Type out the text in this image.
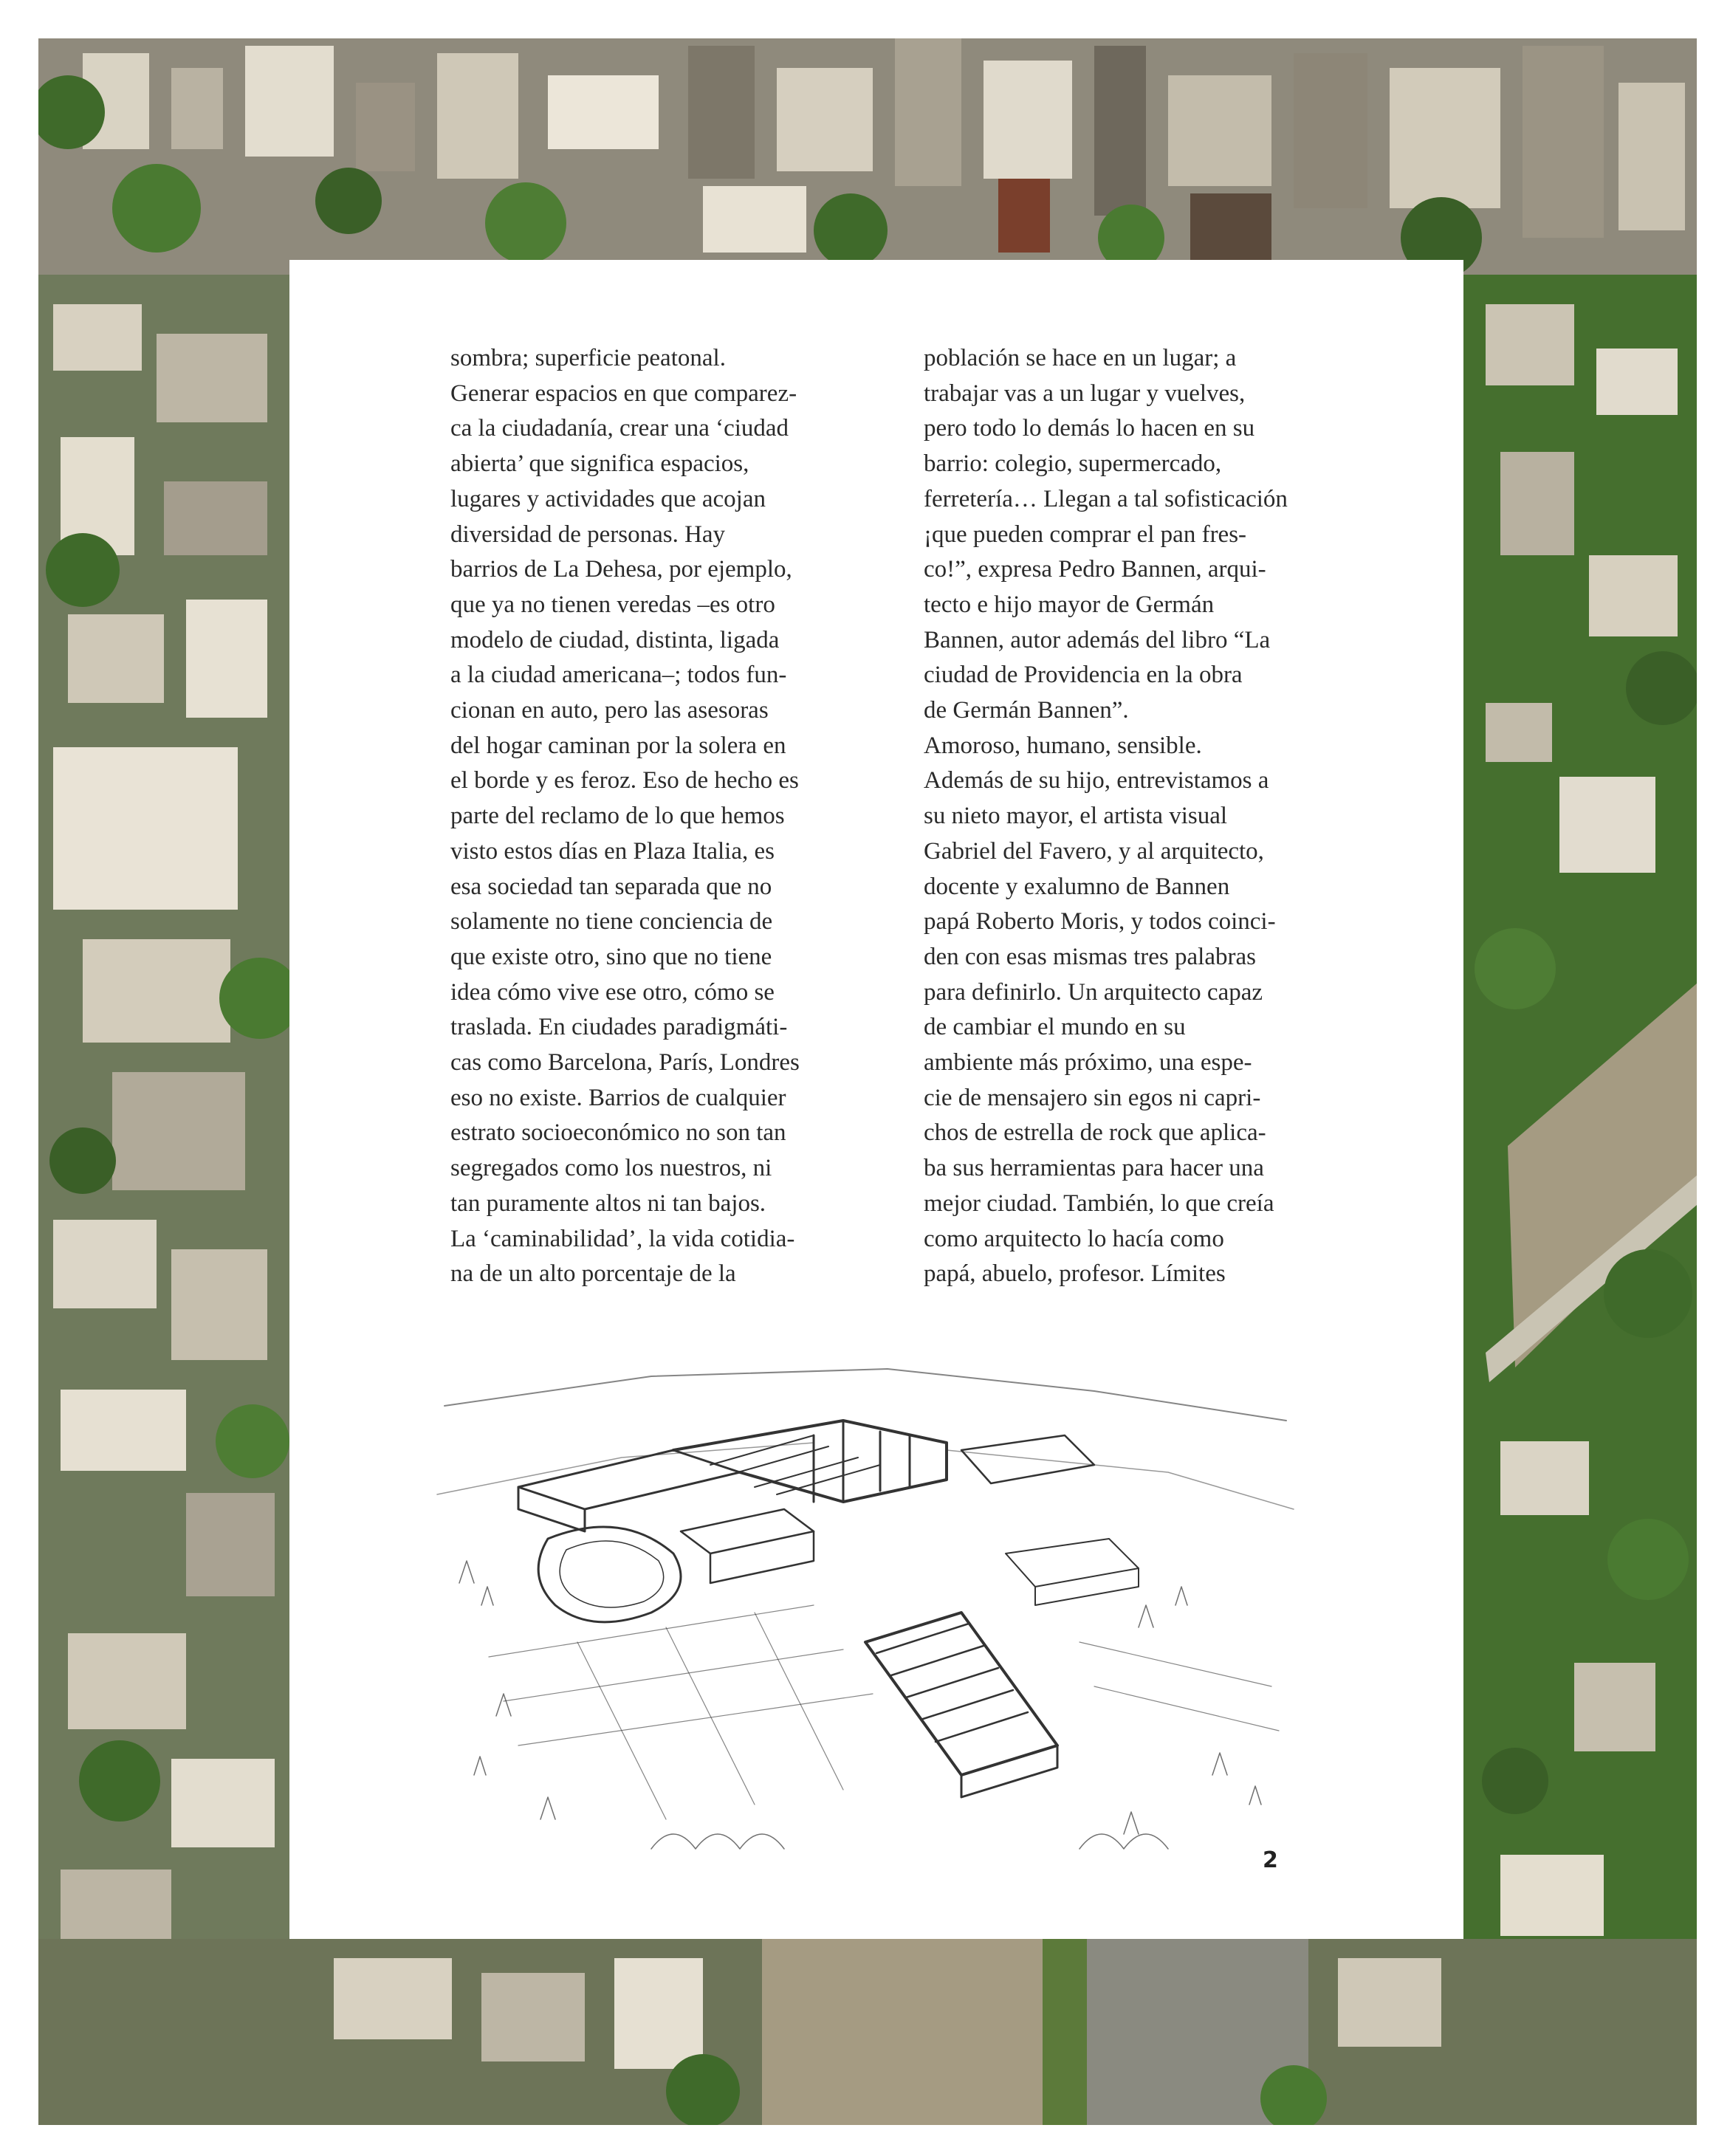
sombra; superficie peatonal.
Generar espacios en que comparez-
ca la ciudadanía, crear una ‘ciudad
abierta’ que significa espacios,
lugares y actividades que acojan
diversidad de personas. Hay
barrios de La Dehesa, por ejemplo,
que ya no tienen veredas –es otro
modelo de ciudad, distinta, ligada
a la ciudad americana–; todos fun-
cionan en auto, pero las asesoras
del hogar caminan por la solera en
el borde y es feroz. Eso de hecho es
parte del reclamo de lo que hemos
visto estos días en Plaza Italia, es
esa sociedad tan separada que no
solamente no tiene conciencia de
que existe otro, sino que no tiene
idea cómo vive ese otro, cómo se
traslada. En ciudades paradigmáti-
cas como Barcelona, París, Londres
eso no existe. Barrios de cualquier
estrato socioeconómico no son tan
segregados como los nuestros, ni
tan puramente altos ni tan bajos.
La ‘caminabilidad’, la vida cotidia-
na de un alto porcentaje de la
población se hace en un lugar; a
trabajar vas a un lugar y vuelves,
pero todo lo demás lo hacen en su
barrio: colegio, supermercado,
ferretería… Llegan a tal sofisticación
¡que pueden comprar el pan fres-
co!”, expresa Pedro Bannen, arqui-
tecto e hijo mayor de Germán
Bannen, autor además del libro “La
ciudad de Providencia en la obra
de Germán Bannen”.
Amoroso, humano, sensible.
Además de su hijo, entrevistamos a
su nieto mayor, el artista visual
Gabriel del Favero, y al arquitecto,
docente y exalumno de Bannen
papá Roberto Moris, y todos coinci-
den con esas mismas tres palabras
para definirlo. Un arquitecto capaz
de cambiar el mundo en su
ambiente más próximo, una espe-
cie de mensajero sin egos ni capri-
chos de estrella de rock que aplica-
ba sus herramientas para hacer una
mejor ciudad. También, lo que creía
como arquitecto lo hacía como
papá, abuelo, profesor. Límites
2
